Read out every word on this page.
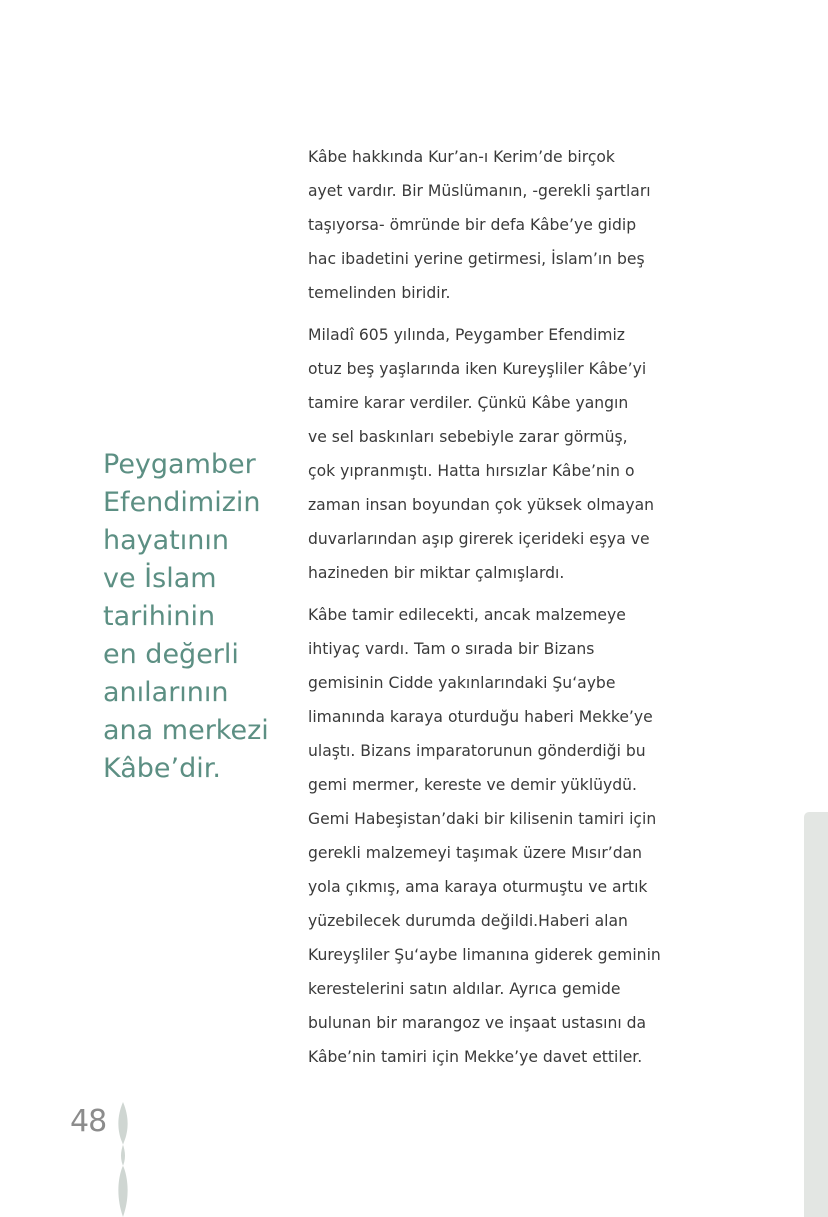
Peygamber
Efendimizin
hayatının
ve İslam
tarihinin
en değerli
anılarının
ana merkezi
Kâbe’dir.

Kâbe hakkında Kur’an-ı Kerim’de birçok
ayet vardır. Bir Müslümanın, -gerekli şartları
taşıyorsa- ömründe bir defa Kâbe’ye gidip
hac ibadetini yerine getirmesi, İslam’ın beş
temelinden biridir.

Miladî 605 yılında, Peygamber Efendimiz
otuz beş yaşlarında iken Kureyşliler Kâbe’yi
tamire karar verdiler. Çünkü Kâbe yangın
ve sel baskınları sebebiyle zarar görmüş,
çok yıpranmıştı. Hatta hırsızlar Kâbe’nin o
zaman insan boyundan çok yüksek olmayan
duvarlarından aşıp girerek içerideki eşya ve
hazineden bir miktar çalmışlardı.

Kâbe tamir edilecekti, ancak malzemeye
ihtiyaç vardı. Tam o sırada bir Bizans
gemisinin Cidde yakınlarındaki Şu‘aybe
limanında karaya oturduğu haberi Mekke’ye
ulaştı. Bizans imparatorunun gönderdiği bu
gemi mermer, kereste ve demir yüklüydü.
Gemi Habeşistan’daki bir kilisenin tamiri için
gerekli malzemeyi taşımak üzere Mısır’dan
yola çıkmış, ama karaya oturmuştu ve artık
yüzebilecek durumda değildi.Haberi alan
Kureyşliler Şu‘aybe limanına giderek geminin
kerestelerini satın aldılar. Ayrıca gemide
bulunan bir marangoz ve inşaat ustasını da
Kâbe’nin tamiri için Mekke’ye davet ettiler.

48
